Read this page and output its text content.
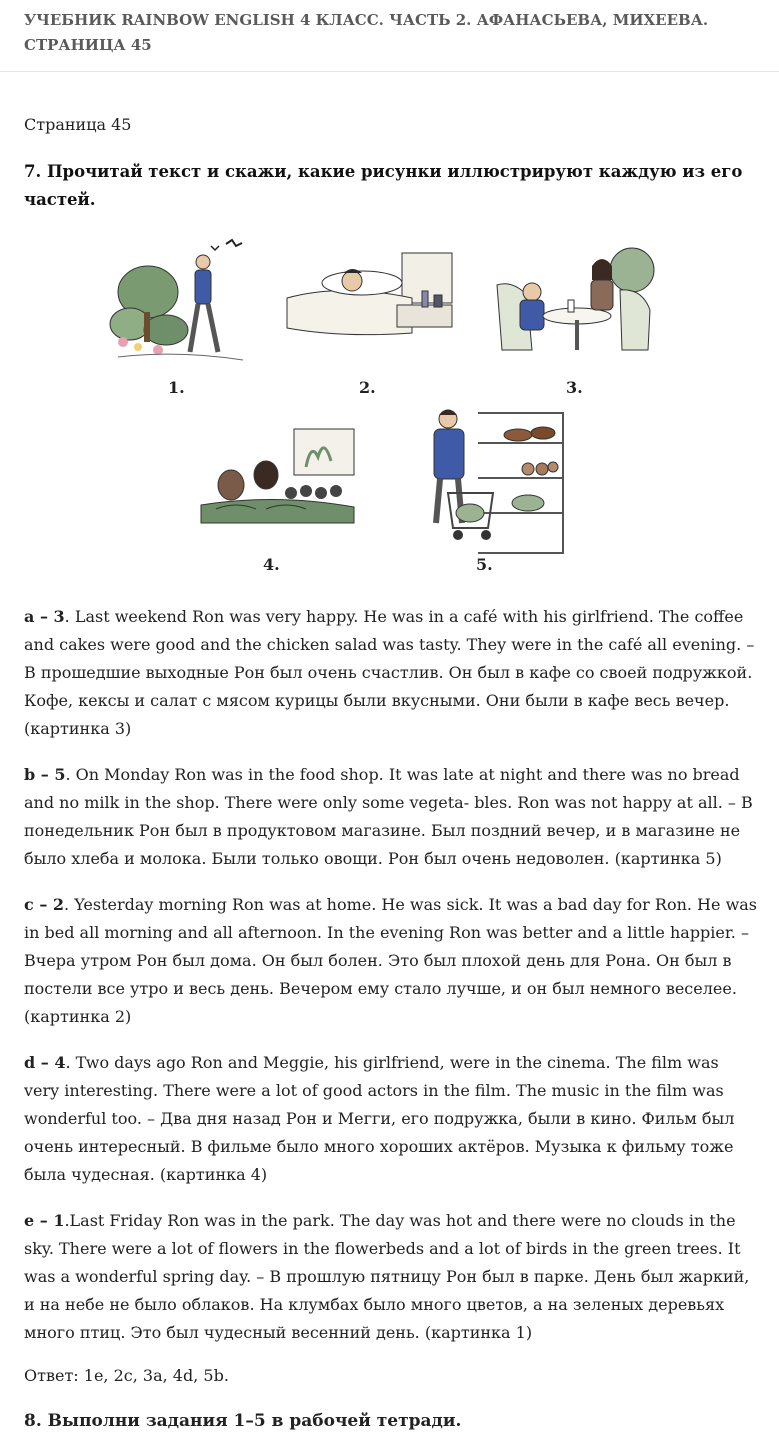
УЧЕБНИК RAINBOW ENGLISH 4 КЛАСС. ЧАСТЬ 2. АФАНАСЬЕВА, МИХЕЕВА.
СТРАНИЦА 45

Страница 45

7. Прочитай текст и скажи, какие рисунки иллюстрируют каждую из его частей.

1.	2.	3.
4.	5.

a – 3. Last weekend Ron was very happy. He was in a café with his girlfriend. The coffee and cakes were good and the chicken salad was tasty. They were in the café all evening. – В прошедшие выходные Рон был очень счастлив. Он был в кафе со своей подружкой. Кофе, кексы и салат с мясом курицы были вкусными. Они были в кафе весь вечер. (картинка 3)

b – 5. On Monday Ron was in the food shop. It was late at night and there was no bread and no milk in the shop. There were only some vegeta- bles. Ron was not happy at all. – В понедельник Рон был в продуктовом магазине. Был поздний вечер, и в магазине не было хлеба и молока. Были только овощи. Рон был очень недоволен. (картинка 5)

c – 2. Yesterday morning Ron was at home. He was sick. It was a bad day for Ron. He was in bed all morning and all afternoon. In the evening Ron was better and a little happier. – Вчера утром Рон был дома. Он был болен. Это был плохой день для Рона. Он был в постели все утро и весь день. Вечером ему стало лучше, и он был немного веселее. (картинка 2)

d – 4. Two days ago Ron and Meggie, his girlfriend, were in the cinema. The film was very interesting. There were a lot of good actors in the film. The music in the film was wonderful too. – Два дня назад Рон и Мегги, его подружка, были в кино. Фильм был очень интересный. В фильме было много хороших актёров. Музыка к фильму тоже была чудесная. (картинка 4)

e – 1.Last Friday Ron was in the park. The day was hot and there were no clouds in the sky. There were a lot of flowers in the flowerbeds and a lot of birds in the green trees. It was a wonderful spring day. – В прошлую пятницу Рон был в парке. День был жаркий, и на небе не было облаков. На клумбах было много цветов, а на зеленых деревьях много птиц. Это был чудесный весенний день. (картинка 1)

Ответ: 1e, 2c, 3a, 4d, 5b.

8. Выполни задания 1–5 в рабочей тетради.
